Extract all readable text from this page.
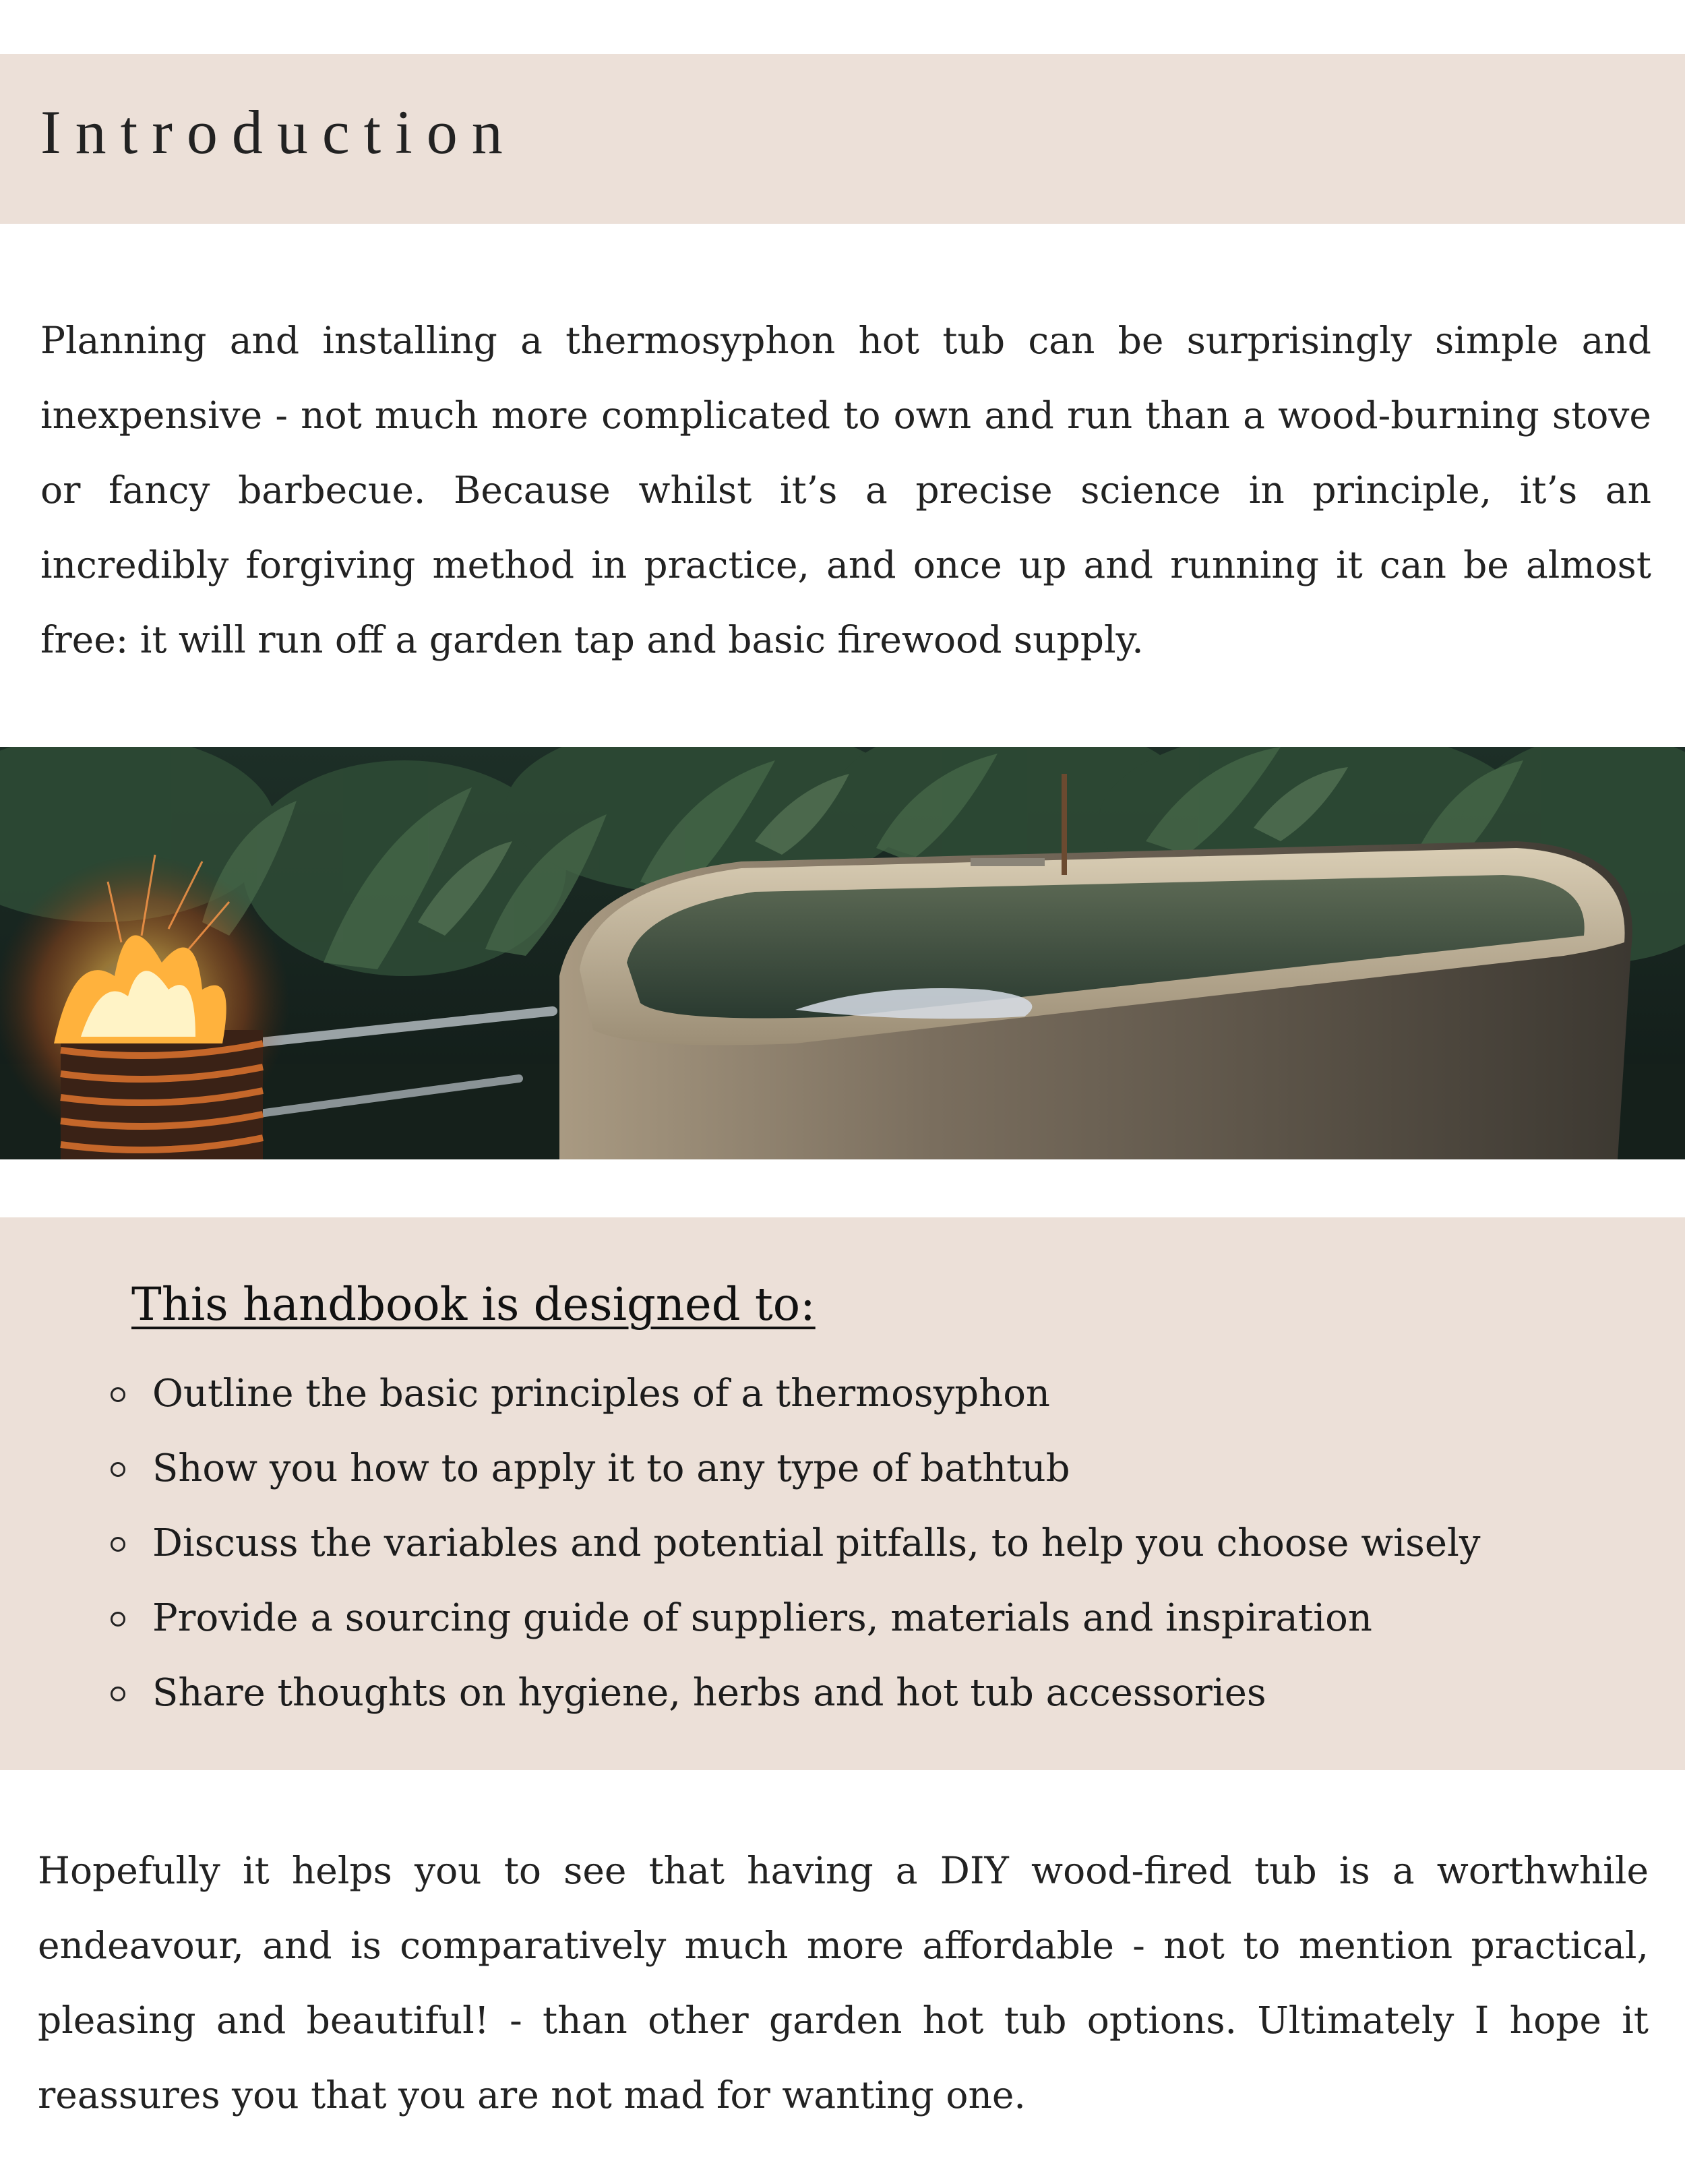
Introduction

Planning and installing a thermosyphon hot tub can be surprisingly simple and inexpensive - not much more complicated to own and run than a wood-burning stove or fancy barbecue. Because whilst it’s a precise science in principle, it’s an incredibly forgiving method in practice, and once up and running it can be almost free: it will run off a garden tap and basic firewood supply.

This handbook is designed to:
Outline the basic principles of a thermosyphon
Show you how to apply it to any type of bathtub
Discuss the variables and potential pitfalls, to help you choose wisely
Provide a sourcing guide of suppliers, materials and inspiration
Share thoughts on hygiene, herbs and hot tub accessories

Hopefully it helps you to see that having a DIY wood-fired tub is a worthwhile endeavour, and is comparatively much more affordable - not to mention practical, pleasing and beautiful! - than other garden hot tub options. Ultimately I hope it reassures you that you are not mad for wanting one.
